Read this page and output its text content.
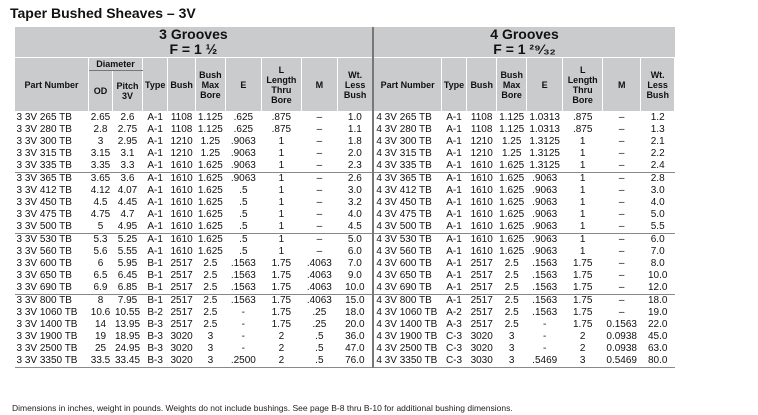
Taper Bushed Sheaves – 3V
3 Grooves										4 Grooves							
F = 1 ½										F = 1 ²⁹⁄₃₂							
Part Number	Diameter		Type	Bush	Bush Max Bore	E	L Length Thru Bore	M	Wt. Less Bush	Part Number	Type	Bush	Bush Max Bore	E	L Length Thru Bore	M	Wt. Less Bush
	OD	Pitch 3V															
3 3V 265 TB	2.65	2.6	A-1	1108	1.125	.625	.875	–	1.0	4 3V 265 TB	A-1	1108	1.125	1.0313	.875	–	1.2
3 3V 280 TB	2.8	2.75	A-1	1108	1.125	.625	.875	–	1.1	4 3V 280 TB	A-1	1108	1.125	1.0313	.875	–	1.3
3 3V 300 TB	3	2.95	A-1	1210	1.25	.9063	1	–	1.8	4 3V 300 TB	A-1	1210	1.25	1.3125	1	–	2.1
3 3V 315 TB	3.15	3.1	A-1	1210	1.25	.9063	1	–	2.0	4 3V 315 TB	A-1	1210	1.25	1.3125	1	–	2.2
3 3V 335 TB	3.35	3.3	A-1	1610	1.625	.9063	1	–	2.3	4 3V 335 TB	A-1	1610	1.625	1.3125	1	–	2.4
3 3V 365 TB	3.65	3.6	A-1	1610	1.625	.9063	1	–	2.6	4 3V 365 TB	A-1	1610	1.625	.9063	1	–	2.8
3 3V 412 TB	4.12	4.07	A-1	1610	1.625	.5	1	–	3.0	4 3V 412 TB	A-1	1610	1.625	.9063	1	–	3.0
3 3V 450 TB	4.5	4.45	A-1	1610	1.625	.5	1	–	3.2	4 3V 450 TB	A-1	1610	1.625	.9063	1	–	4.0
3 3V 475 TB	4.75	4.7	A-1	1610	1.625	.5	1	–	4.0	4 3V 475 TB	A-1	1610	1.625	.9063	1	–	5.0
3 3V 500 TB	5	4.95	A-1	1610	1.625	.5	1	–	4.5	4 3V 500 TB	A-1	1610	1.625	.9063	1	–	5.5
3 3V 530 TB	5.3	5.25	A-1	1610	1.625	.5	1	–	5.0	4 3V 530 TB	A-1	1610	1.625	.9063	1	–	6.0
3 3V 560 TB	5.6	5.55	A-1	1610	1.625	.5	1	–	6.0	4 3V 560 TB	A-1	1610	1.625	.9063	1	–	7.0
3 3V 600 TB	6	5.95	B-1	2517	2.5	.1563	1.75	.4063	7.0	4 3V 600 TB	A-1	2517	2.5	.1563	1.75	–	8.0
3 3V 650 TB	6.5	6.45	B-1	2517	2.5	.1563	1.75	.4063	9.0	4 3V 650 TB	A-1	2517	2.5	.1563	1.75	–	10.0
3 3V 690 TB	6.9	6.85	B-1	2517	2.5	.1563	1.75	.4063	10.0	4 3V 690 TB	A-1	2517	2.5	.1563	1.75	–	12.0
3 3V 800 TB	8	7.95	B-1	2517	2.5	.1563	1.75	.4063	15.0	4 3V 800 TB	A-1	2517	2.5	.1563	1.75	–	18.0
3 3V 1060 TB	10.6	10.55	B-2	2517	2.5	-	1.75	.25	18.0	4 3V 1060 TB	A-2	2517	2.5	.1563	1.75	–	19.0
3 3V 1400 TB	14	13.95	B-3	2517	2.5	-	1.75	.25	20.0	4 3V 1400 TB	A-3	2517	2.5	-	1.75	0.1563	22.0
3 3V 1900 TB	19	18.95	B-3	3020	3	-	2	.5	36.0	4 3V 1900 TB	C-3	3020	3	-	2	0.0938	45.0
3 3V 2500 TB	25	24.95	B-3	3020	3	-	2	.5	47.0	4 3V 2500 TB	C-3	3020	3	-	2	0.0938	63.0
3 3V 3350 TB	33.5	33.45	B-3	3020	3	.2500	2	.5	76.0	4 3V 3350 TB	C-3	3030	3	.5469	3	0.5469	80.0
Dimensions in inches, weight in pounds. Weights do not include bushings. See page B-8 thru B-10 for additional bushing dimensions.
